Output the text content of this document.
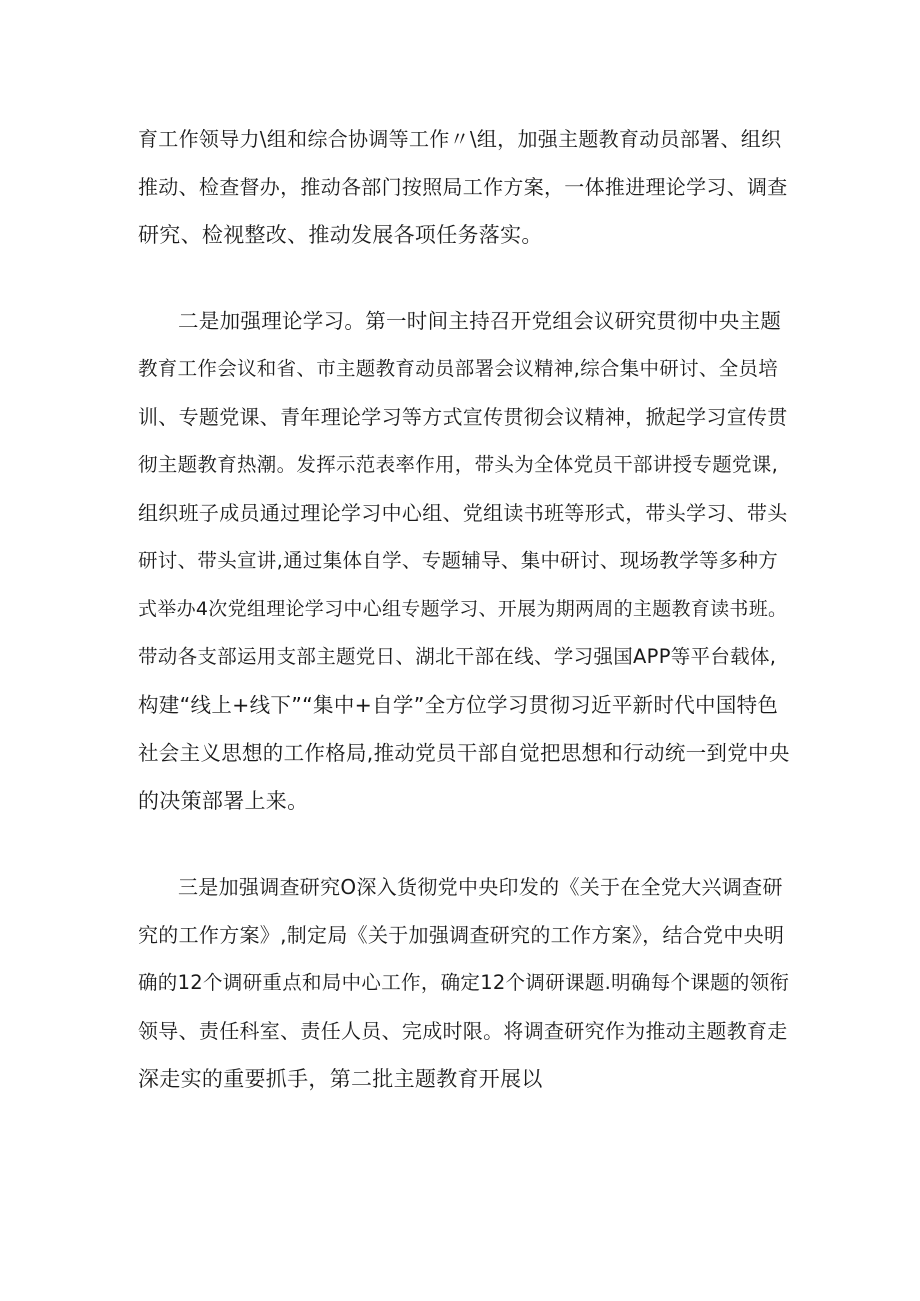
育工作领导力\组和综合协调等工作〃\组，加强主题教育动员部署、组织
推动、检查督办，推动各部门按照局工作方案，一体推进理论学习、调查
研究、检视整改、推动发展各项任务落实。
二是加强理论学习。第一时间主持召开党组会议研究贯彻中央主题
教育工作会议和省、市主题教育动员部署会议精神,综合集中研讨、全员培
训、专题党课、青年理论学习等方式宣传贯彻会议精神，掀起学习宣传贯
彻主题教育热潮。发挥示范表率作用，带头为全体党员干部讲授专题党课,
组织班子成员通过理论学习中心组、党组读书班等形式，带头学习、带头
研讨、带头宣讲,通过集体自学、专题辅导、集中研讨、现场教学等多种方
式举办4次党组理论学习中心组专题学习、开展为期两周的主题教育读书班。
带动各支部运用支部主题党日、湖北干部在线、学习强国APP等平台载体,
构建“线上+线下”“集中+自学”全方位学习贯彻习近平新时代中国特色
社会主义思想的工作格局,推动党员干部自觉把思想和行动统一到党中央
的决策部署上来。
三是加强调查研究O深入货彻党中央印发的《关于在全党大兴调查研
究的工作方案》,制定局《关于加强调查研究的工作方案》，结合党中央明
确的12个调研重点和局中心工作，确定12个调研课题.明确每个课题的领衔
领导、责任科室、责任人员、完成时限。将调查研究作为推动主题教育走
深走实的重要抓手，第二批主题教育开展以
